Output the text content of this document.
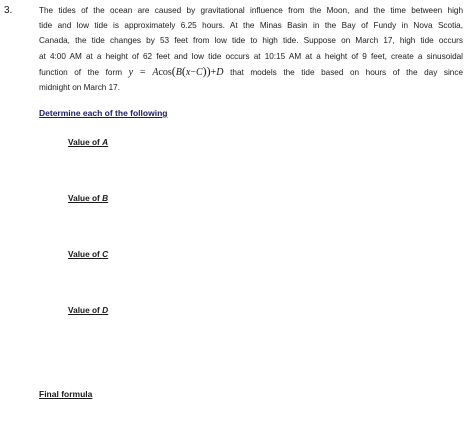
3.	The tides of the ocean are caused by gravitational influence from the Moon, and the time between high
tide and low tide is approximately 6.25 hours. At the Minas Basin in the Bay of Fundy in Nova Scotia,
Canada, the tide changes by 53 feet from low tide to high tide. Suppose on March 17, high tide occurs
at 4:00 AM at a height of 62 feet and low tide occurs at 10:15 AM at a height of 9 feet, create a sinusoidal
function of the form y = Acos(B(x−C))+D that models the tide based on hours of the day since
midnight on March 17.
Determine each of the following
Value of A
Value of B
Value of C
Value of D
Final formula
